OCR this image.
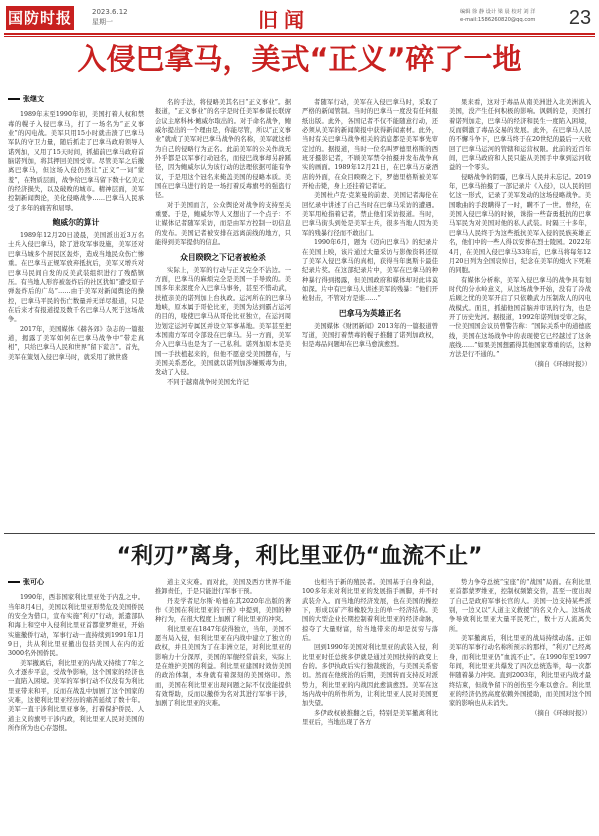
国防时报	2023.6.12
星期一	旧闻	编辑 徐 静 设计 梁 晨 校对 刘 洋
e-mail:1586260820@qq.com	23
入侵巴拿马，美式“正义”碎了一地
张继文

1989年末至1990年初，美国打着人权和禁毒的幌子入侵巴拿马，打了一场名为“正义事业”的闪电战。美军只用15小时就击溃了巴拿马军队的守卫力量，随后抓走了巴拿马政府领导人诺列加，又用了15天时间，抓捕前巴拿马政府首脑诺列加，将其押回美国受审。尽管美军之后撤离巴拿马，但这场入侵仍然让“正义”一词“蒙羞”，在物质层面，战争给巴拿马留下数十亿美元的经济损失，以及破败的城市。精神层面，美军控制新闻舆论，美化侵略战争……巴拿马人民承受了多年的痛苦和屈辱。

鲍威尔的算计

1989年12月20日凌晨，美国派出近3万名士兵入侵巴拿马，除了进攻军事设施，美军还对巴拿马城多个居民区轰炸，造成当地民众伤亡惨重。在巴拿马正规军放弃抵抗后，美军又增兵对巴拿马民间自发的反美武装组织进行了残酷镇压。有当地人形容被轰炸后的社区犹如“遭受原子弹轰炸后的广岛”……由于美军对新闻舆论的操控，巴拿马平民的伤亡数量并无详尽报道，只是在后来才有报道提及数千名巴拿马人死于这场战争。

2017年，美国媒体《赫各郊》杂志的一篇报道，揭露了美军如何在巴拿马战争中“带走真相”，只给巴拿马人民和世界“留下谎言”。首先，美军在策划入侵巴拿马时，就采用了掀世盛

名的手法，将侵略美其名曰“正义事业”。据报道，“正义事业”的名字是时任美军参谋长联席会议主席科林·鲍威尔取出的。对于命名战争，鲍威尔提出的一个理由是，你能尽管，所以“正义事业”就成了美军对巴拿马战争的名称，美军就这样为自己的侵略行为正名。此前美军的公关作战无外乎都是以军事行动冠名，而侵巴战事却另辟蹊径，因为鲍威尔认为该行动的法理依据可能有争议，于是用这个冠名来掩盖美国的侵略本质。美国在巴拿马进行的是一场打着反毒旗号的强盗行径。

对于美国而言，公众舆论对战争的支持至关重要。于是，鲍威尔等人又想出了一个点子：不让媒体记者随军采访，而是由军方控制一切信息的发布。美国记者被安排在远离前线的地方，只能得到美军提供的信息。

众目睽睽之下记者被枪杀

实际上，美军的行动与正义完全不沾边。一方面，巴拿马的麻烦完全是美国一手导致的。美国多年来深度介入巴拿马事务，甚至不惜动武，扶植亲美的诺列加上台执政。运河所在的巴拿马地峡，原本属于哥伦比亚，美国为达到霸占运河的目的，唆使巴拿马从哥伦比亚独立，在运河周边划定运河专属区并设立军事基地。美军甚至把本国南方军司令部设在巴拿马。另一方面，美军介入巴拿马也是为了一己私利。诺列加原本是美国一手扶植起来的，但他不愿意受美国摆布，与美国关系恶化，美国就以诺列加涉嫌贩毒为由，发动了入侵。

不同于越南战争时美国允许记

者随军行动，美军在入侵巴拿马时，采取了严格的新闻管制。当时的巴拿马一度没有任何报纸出版。此外，各国记者不仅不能随意行动，还必须从美军的新闻简报中获得新闻素材。此外，当时有关巴拿马战争相关的消息都是美军事先审定过的。据报道，当时一位名叫罗德里格斯的西班牙摄影记者，不顾美军禁令拍摄并发布战争真实的画面。1989年12月21日，在巴拿马万豪酒店的外面，在众目睽睽之下，罗德里格斯被美军开枪击毙，身上还挂着记者证。

美国杜卢克·克莱曼的前妻、美国记者海伦在回忆录中讲述了自己当时在巴拿马采访的遭遇。美军用枪指着记者，禁止他们采访报道。当时，巴拿马街头到处是美军士兵，很多当地人因为美军的残暴行径而不敢出门。

1990年6月，题为《迈向巴拿马》的纪录片在美国上映，该片通过大量采访与影像资料还原了美军入侵巴拿马的真相，获得当年奥斯卡最佳纪录片奖。在这部纪录片中，美军在巴拿马的种种暴行得到揭露，但美国政府和媒体却对此讳莫如深。片中有巴拿马人讲述美军的残暴：“他们开枪射击，不管对方是谁……”

巴拿马为英雄正名

美国媒体《财团新闻》2013年的一篇报道曾写道，美国打着禁毒的幌子推翻了诺列加政权，但是毒品问题却在巴拿马愈演愈烈。

果来看，这对于毒品从南美洲进入北美洲流入美国，没产生任何积极的影响。讽刺的是，美国打着诺列加走，巴拿马的经济和民生一度陷入困境，反而刺激了毒品交易的发展。此外，在巴拿马人民的不懈斗争下，巴拿马终于在20世纪的最后一天收回了巴拿马运河的管辖和运营权限。此前的近百年间，巴拿马政府和人民只能从美国手中拿到运河收益的一个零头。

侵略战争的阴霾，巴拿马人民并未忘记。2019年，巴拿马拍摄了一部记录片《入侵》，以人民的回忆这一形式，记录了美军发动的这场侵略战争。美国歌曲的手段瞒得了一时，瞒不了一世。曾经，在美国入侵巴拿马的时候，诛指一些奋勇抵抗的巴拿马军民为对美国对他的私人武装。时隔三十多年，巴拿马人民终于为这些抵抗美军入侵的民族英雄正名，他们中的一些人得以安葬在烈士陵园。2022年4月，在美国入侵巴拿马33年后，巴拿马将每年12月20日列为全国哀悼日，纪念在美军的炮火下死难的同胞。

有媒体分析称，美军入侵巴拿马的战争具有划时代的分水岭意义，从这场战争开始，没有了冷战后顾之忧的美军开启了只依赖武力压制敌人的闪电战模式。面且，抓捕他国首脑并审讯的行为，也是开了历史先河。据报道，1992年诺列加受审之际，一位美国国会议员曾警告称：“国际关系中的道德底线，美国在这场战争中的表现使它已经越过了这条底线……”如果美国想霸得其他国家尊重的话，这种方法是行不通的。”

（摘自《环球时报》）

“利刃”离身，利比里亚仍“血流不止”
张可心

1990年，西非国家利比里亚处于内乱之中。当年8月4日，美国以利比里亚形势危及美国侨民的安全为借口，宣布实施“利刃”行动，派遣部队和海上和空中入侵利比里亚首都蒙罗维亚，开始实施撤侨行动，军事行动一直持续到1991年1月9日，共从利比里亚撤出包括美国人在内的近3000名外国侨民。

美军撤离后，利比里亚的内战又持续了7年之久才逐步平息，受战争影响，这个国家的经济也一直陷入困境。美军的军事行动不仅没有为利比里亚带来和平，反而在战乱中加剧了这个国家的灾难，这使利比里亚经历的痛苦延续了数十年。美军一直干涉利比里亚事务，打着保护侨民、人道主义的旗号干涉内政，利比里亚人民对美国的所作所为也心存怨恨。

道主义灾难。而对此，美国及西方世界不能推卸责任，于是只能进行军事干预。

丹麦学者尼尔斯·哈德在其2020年出版的著作《美国在利比里亚的干预》中提到，美国的种种行为，在很大程度上加剧了利比里亚的冲突。

利比里亚在1847年获得独立，当年，美国不愿当局入侵，但利比里亚在内战中建立了独立的政权，并且美国为了在非洲立足，对利比里亚的影响力十分深厚，美国的军舰经常前来，实际上是在维护美国的利益。利比里亚建国时效仿美国的政治体制，本身就有着深刻的美国烙印。然而，美国在利比里亚出现问题之际不仅没能提供有效帮助，反而以撤侨为名对其进行军事干涉，加剧了利比里亚的灾难。

也相当于新的殖民者。美国基于自身利益，100多年来对利比里亚的发展指手画脚，并不时武装介入。而当地的经济发展，也在美国的操控下，形成以矿产和橡胶为主的单一经济结构。美国的大型企业长期控制着利比里亚的经济命脉，掠夺了大量财富，给当地带来的却是贫穷与落后。

回到1990年美国对利比里亚的武装入侵，利比里亚时任总统多伊就是通过美国扶持的政变上台的。多伊执政后实行独裁统治，与美国关系密切。然而在他统治的后期，美国转而支持反对派势力，利比里亚的内战因此愈演愈烈。美军在这场内战中的所作所为，让利比里亚人民对美国更加失望。

多伊政权被推翻之后，特别是美军撤离利比里亚后，当地出现了各方

势力争夺总统“宝座”的“战国”局面。在利比里亚首都蒙罗维亚，控制权频繁交替，甚至一度出现了自己是政府军事长官的人。美国一边支持某些派别，一边又以“人道主义救援”的名义介入。这场战争导致利比里亚大量平民死亡，数十万人流离失所。

美军撤离后，利比里亚的战局持续动荡。正如美军的军事行动名称所预示的那样，“利刃”已经离身，而利比里亚仍“血流不止”。在1990年至1997年间，利比里亚共爆发了四次总统选举，每一次都伴随着暴力冲突。直到2003年，利比里亚内战才最终结束，但战争留下的创伤至今难以愈合。利比里亚的经济仍然高度依赖外国援助，而美国对这个国家的影响也从未消失。

（摘自《环球时报》）
